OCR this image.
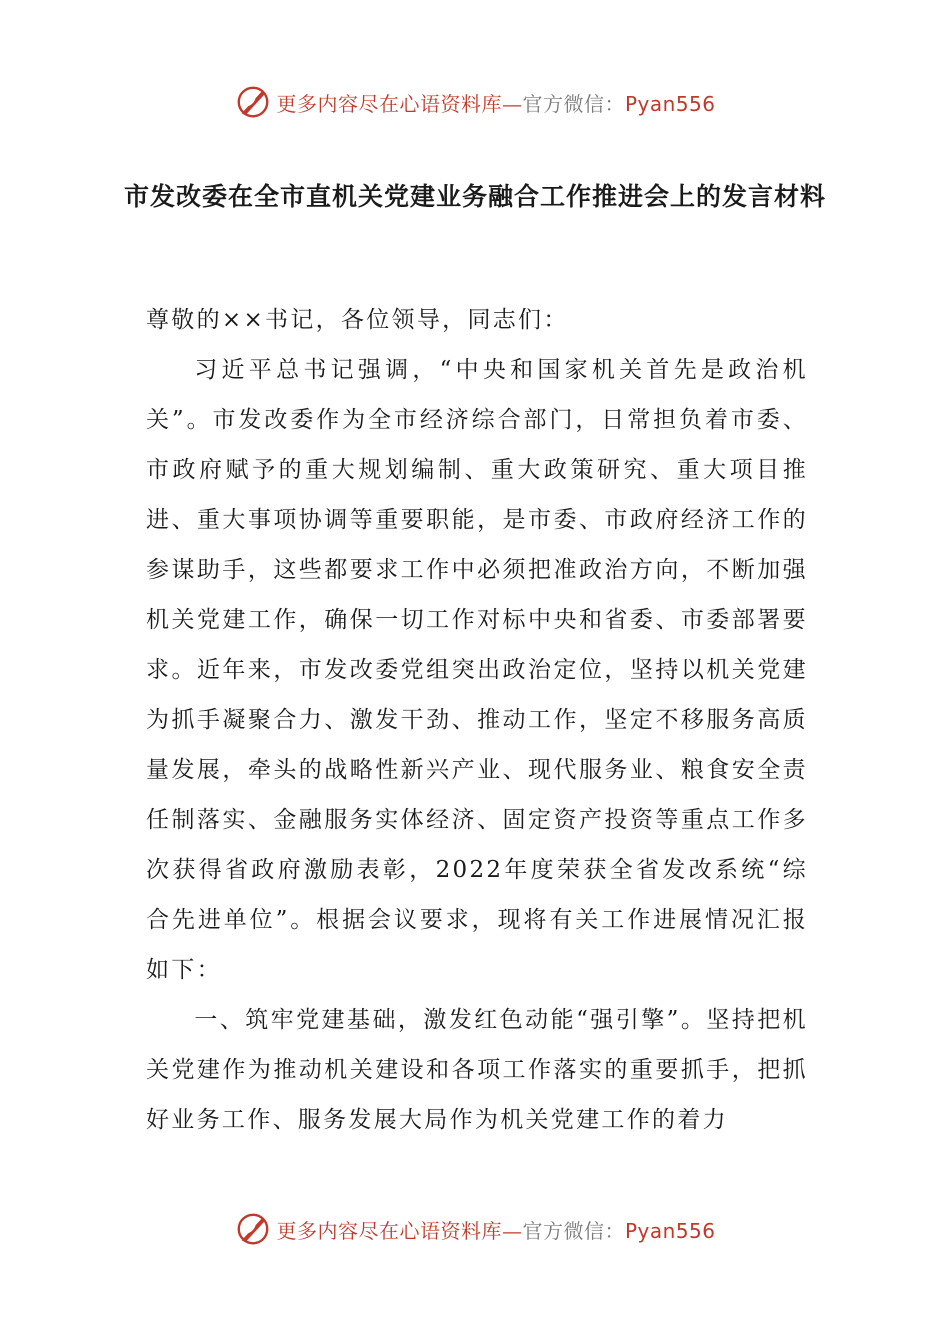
更多内容尽在心语资料库—官方微信：Pyan556
市发改委在全市直机关党建业务融合工作推进会上的发言材料

尊敬的××书记，各位领导，同志们：

习近平总书记强调，“中央和国家机关首先是政治机关”。市发改委作为全市经济综合部门，日常担负着市委、市政府赋予的重大规划编制、重大政策研究、重大项目推进、重大事项协调等重要职能，是市委、市政府经济工作的参谋助手，这些都要求工作中必须把准政治方向，不断加强机关党建工作，确保一切工作对标中央和省委、市委部署要求。近年来，市发改委党组突出政治定位，坚持以机关党建为抓手凝聚合力、激发干劲、推动工作，坚定不移服务高质量发展，牵头的战略性新兴产业、现代服务业、粮食安全责任制落实、金融服务实体经济、固定资产投资等重点工作多次获得省政府激励表彰，2022年度荣获全省发改系统“综合先进单位”。根据会议要求，现将有关工作进展情况汇报如下：

一、筑牢党建基础，激发红色动能“强引擎”。坚持把机关党建作为推动机关建设和各项工作落实的重要抓手，把抓好业务工作、服务发展大局作为机关党建工作的着力

更多内容尽在心语资料库—官方微信：Pyan556
